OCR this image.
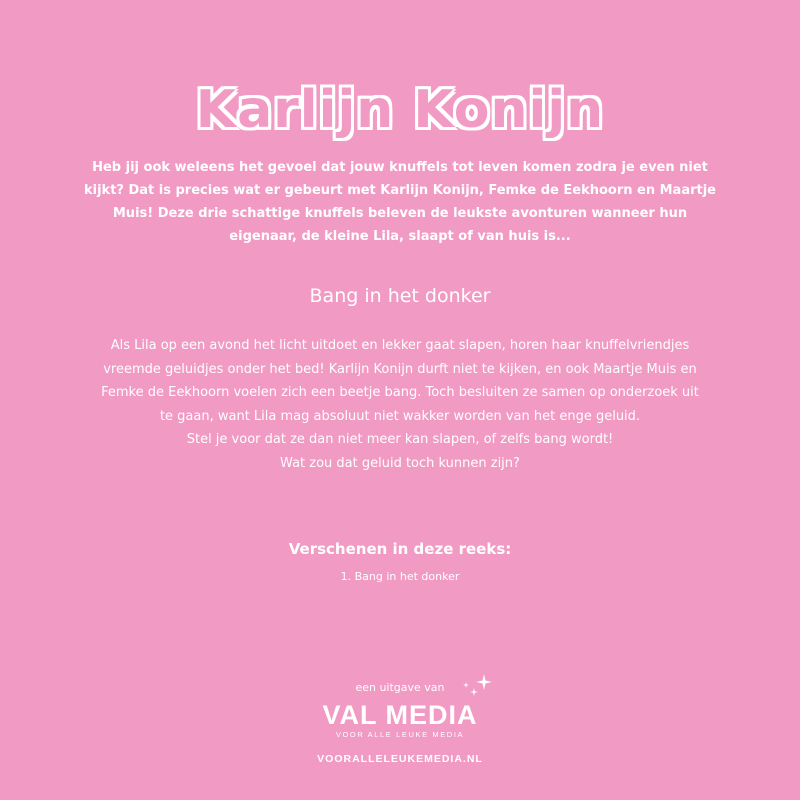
Karlijn Konijn

Heb jij ook weleens het gevoel dat jouw knuffels tot leven komen zodra je even niet kijkt? Dat is precies wat er gebeurt met Karlijn Konijn, Femke de Eekhoorn en Maartje Muis! Deze drie schattige knuffels beleven de leukste avonturen wanneer hun eigenaar, de kleine Lila, slaapt of van huis is...

Bang in het donker

Als Lila op een avond het licht uitdoet en lekker gaat slapen, horen haar knuffelvriendjes
vreemde geluidjes onder het bed! Karlijn Konijn durft niet te kijken, en ook Maartje Muis en
Femke de Eekhoorn voelen zich een beetje bang. Toch besluiten ze samen op onderzoek uit
te gaan, want Lila mag absoluut niet wakker worden van het enge geluid.
Stel je voor dat ze dan niet meer kan slapen, of zelfs bang wordt!
Wat zou dat geluid toch kunnen zijn?

Verschenen in deze reeks:
1. Bang in het donker
een uitgave van
VAL MEDIA
VOOR ALLE LEUKE MEDIA
VOORALLELEUKEMEDIA.NL
